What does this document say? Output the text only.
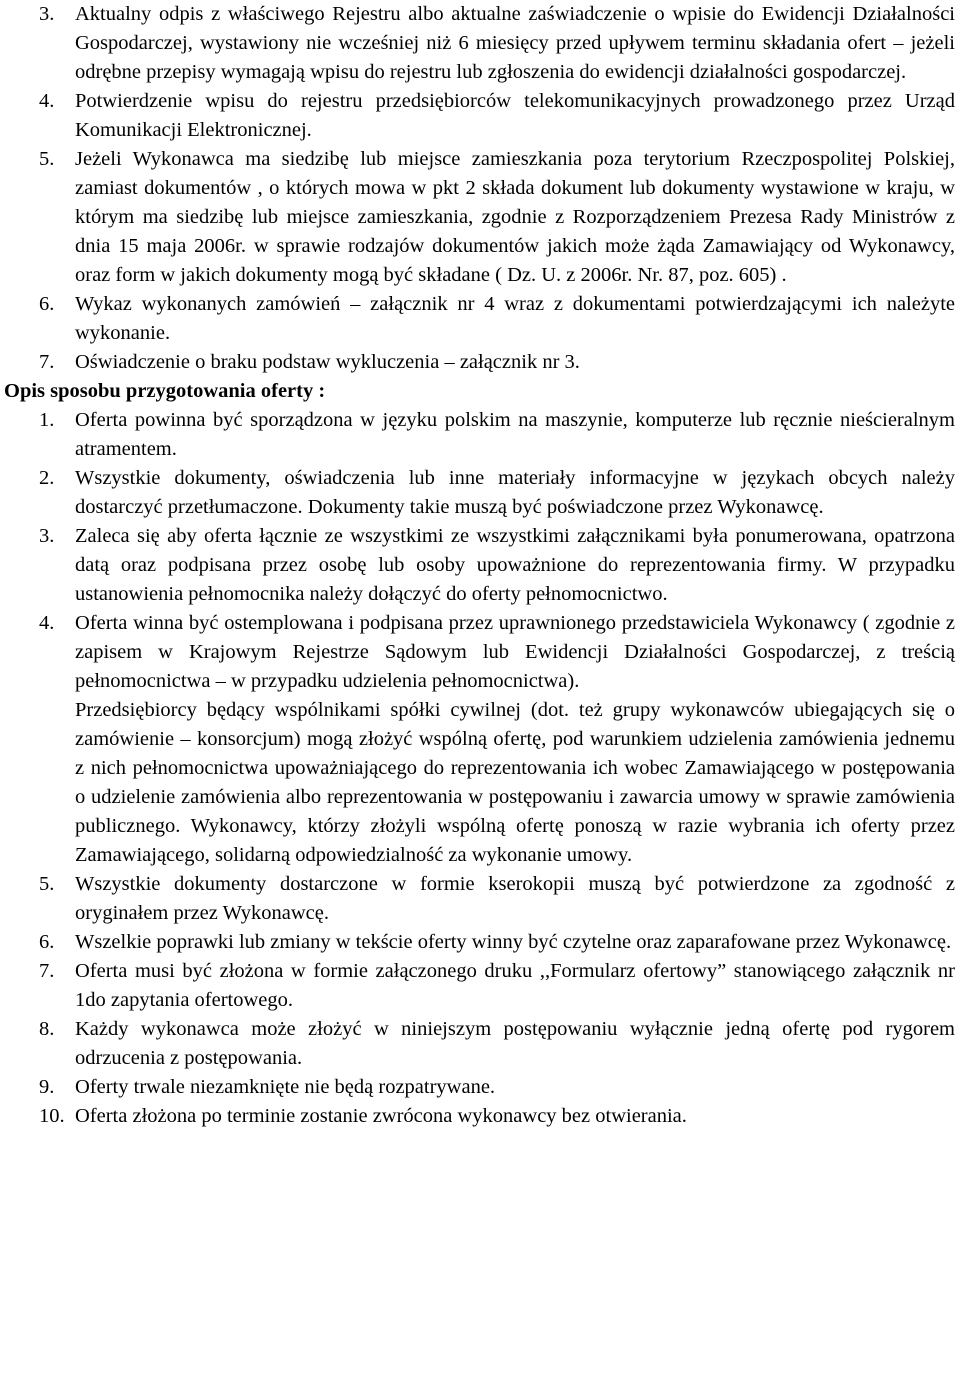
3. Aktualny odpis z właściwego Rejestru albo aktualne zaświadczenie o wpisie do Ewidencji Działalności Gospodarczej, wystawiony nie wcześniej niż 6 miesięcy przed upływem terminu składania ofert – jeżeli odrębne przepisy wymagają wpisu do rejestru lub zgłoszenia do ewidencji działalności gospodarczej.
4. Potwierdzenie wpisu do rejestru przedsiębiorców telekomunikacyjnych prowadzonego przez Urząd Komunikacji Elektronicznej.
5. Jeżeli Wykonawca ma siedzibę lub miejsce zamieszkania poza terytorium Rzeczpospolitej Polskiej, zamiast dokumentów , o których mowa w pkt 2 składa dokument lub dokumenty wystawione w kraju, w którym ma siedzibę lub miejsce zamieszkania, zgodnie z Rozporządzeniem Prezesa Rady Ministrów z dnia 15 maja 2006r. w sprawie rodzajów dokumentów jakich może żąda Zamawiający od Wykonawcy, oraz form w jakich dokumenty mogą być składane ( Dz. U. z 2006r. Nr. 87, poz. 605) .
6. Wykaz wykonanych zamówień – załącznik nr 4 wraz z dokumentami potwierdzającymi ich należyte wykonanie.
7. Oświadczenie o braku podstaw wykluczenia – załącznik nr 3.
Opis sposobu przygotowania oferty :
1. Oferta powinna być sporządzona w języku polskim na maszynie, komputerze lub ręcznie nieścieralnym atramentem.
2. Wszystkie dokumenty, oświadczenia lub inne materiały informacyjne w językach obcych należy dostarczyć przetłumaczone. Dokumenty takie muszą być poświadczone przez Wykonawcę.
3. Zaleca się aby oferta łącznie ze wszystkimi ze wszystkimi załącznikami była ponumerowana, opatrzona datą oraz podpisana przez osobę lub osoby upoważnione do reprezentowania firmy. W przypadku ustanowienia pełnomocnika należy dołączyć do oferty pełnomocnictwo.
4. Oferta winna być ostemplowana i podpisana przez uprawnionego przedstawiciela Wykonawcy ( zgodnie z zapisem w Krajowym Rejestrze Sądowym lub Ewidencji Działalności Gospodarczej, z treścią pełnomocnictwa – w przypadku udzielenia pełnomocnictwa).
Przedsiębiorcy będący wspólnikami spółki cywilnej (dot. też grupy wykonawców ubiegających się o zamówienie – konsorcjum) mogą złożyć wspólną ofertę, pod warunkiem udzielenia zamówienia jednemu z nich pełnomocnictwa upoważniającego do reprezentowania ich wobec Zamawiającego w postępowania o udzielenie zamówienia albo reprezentowania w postępowaniu i zawarcia umowy w sprawie zamówienia publicznego. Wykonawcy, którzy złożyli wspólną ofertę ponoszą w razie wybrania ich oferty przez Zamawiającego, solidarną odpowiedzialność za wykonanie umowy.
5. Wszystkie dokumenty dostarczone w formie kserokopii muszą być potwierdzone za zgodność z oryginałem przez Wykonawcę.
6. Wszelkie poprawki lub zmiany w tekście oferty winny być czytelne oraz zaparafowane przez Wykonawcę.
7. Oferta musi być złożona w formie załączonego druku ,,Formularz ofertowy” stanowiącego załącznik nr 1do zapytania ofertowego.
8. Każdy wykonawca może złożyć w niniejszym postępowaniu wyłącznie jedną ofertę pod rygorem odrzucenia z postępowania.
9. Oferty trwale niezamknięte nie będą rozpatrywane.
10. Oferta złożona po terminie zostanie zwrócona wykonawcy bez otwierania.
